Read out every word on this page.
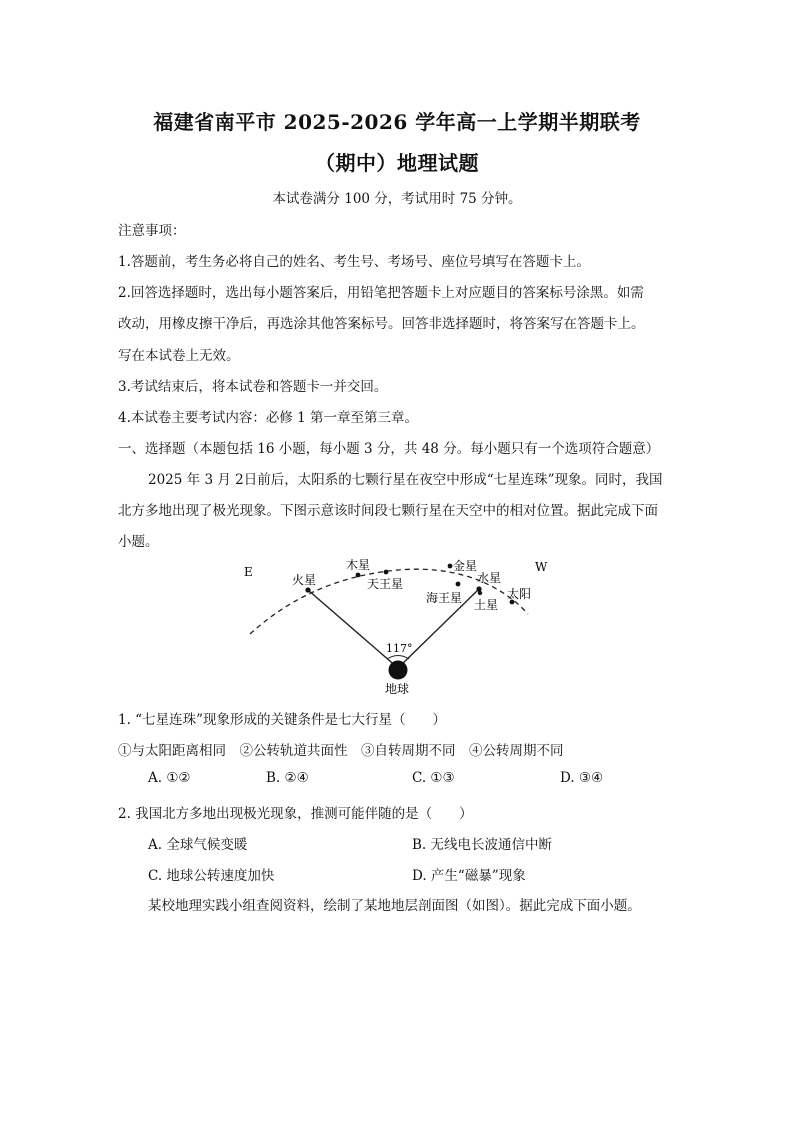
福建省南平市 2025-2026 学年高一上学期半期联考
（期中）地理试题
本试卷满分 100 分，考试用时 75 分钟。
注意事项：
1.答题前，考生务必将自己的姓名、考生号、考场号、座位号填写在答题卡上。
2.回答选择题时，选出每小题答案后，用铅笔把答题卡上对应题目的答案标号涂黑。如需
改动，用橡皮擦干净后，再选涂其他答案标号。回答非选择题时，将答案写在答题卡上。
写在本试卷上无效。
3.考试结束后，将本试卷和答题卡一并交回。
4.本试卷主要考试内容：必修 1 第一章至第三章。
一、选择题（本题包括 16 小题，每小题 3 分，共 48 分。每小题只有一个选项符合题意）
2025 年 3 月 2日前后，太阳系的七颗行星在夜空中形成“七星连珠”现象。同时，我国
北方多地出现了极光现象。下图示意该时间段七颗行星在天空中的相对位置。据此完成下面
小题。
E	W
火星
木星
天王星
金星
水星
海王星 土星
太阳
117°
地球
1. “七星连珠”现象形成的关键条件是七大行星（　　）
①与太阳距离相同　②公转轨道共面性　③自转周期不同　④公转周期不同
A. ①②	B. ②④	C. ①③	D. ③④
2. 我国北方多地出现极光现象，推测可能伴随的是（　　）
A. 全球气候变暖	B. 无线电长波通信中断
C. 地球公转速度加快	D. 产生“磁暴”现象
某校地理实践小组查阅资料，绘制了某地地层剖面图（如图）。据此完成下面小题。
